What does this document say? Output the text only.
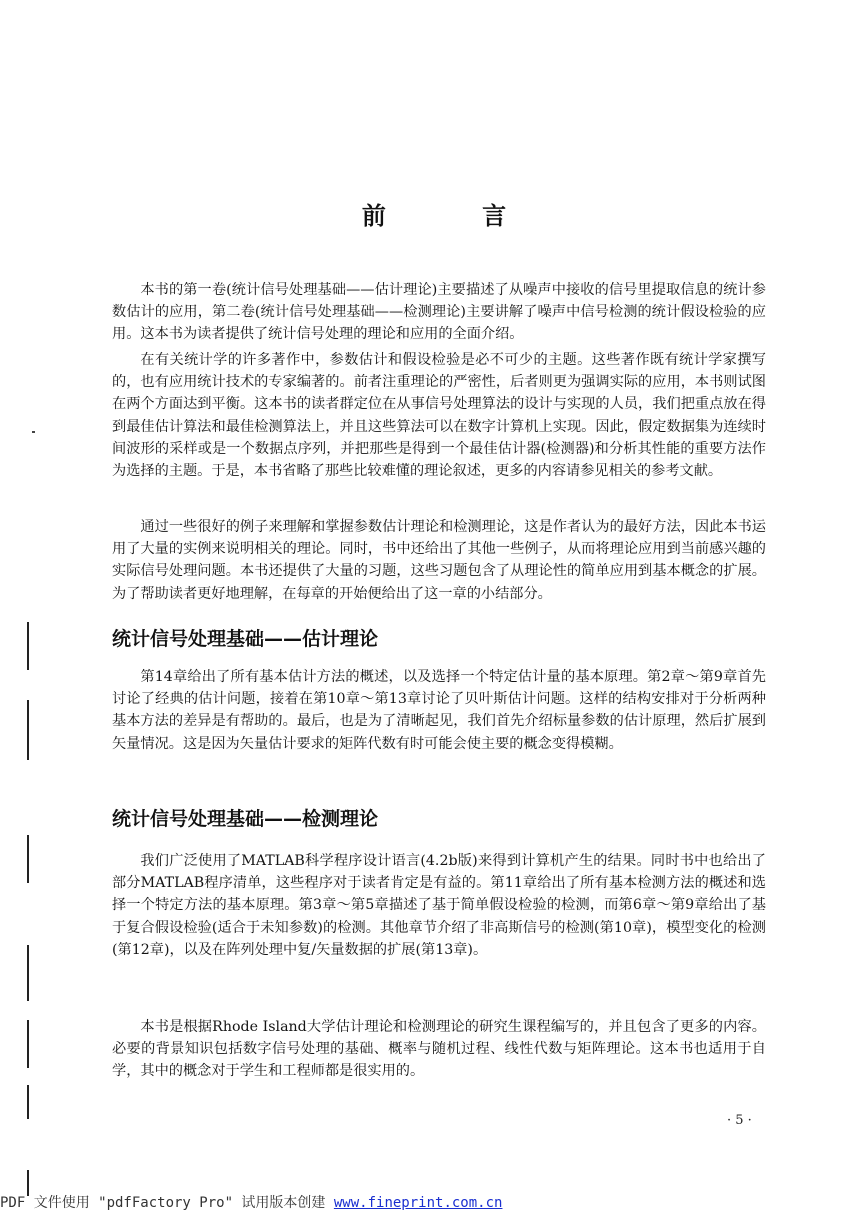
前 言

本书的第一卷(统计信号处理基础——估计理论)主要描述了从噪声中接收的信号里提取信息的统计参数估计的应用，第二卷(统计信号处理基础——检测理论)主要讲解了噪声中信号检测的统计假设检验的应用。这本书为读者提供了统计信号处理的理论和应用的全面介绍。

在有关统计学的许多著作中，参数估计和假设检验是必不可少的主题。这些著作既有统计学家撰写的，也有应用统计技术的专家编著的。前者注重理论的严密性，后者则更为强调实际的应用，本书则试图在两个方面达到平衡。这本书的读者群定位在从事信号处理算法的设计与实现的人员，我们把重点放在得到最佳估计算法和最佳检测算法上，并且这些算法可以在数字计算机上实现。因此，假定数据集为连续时间波形的采样或是一个数据点序列，并把那些是得到一个最佳估计器(检测器)和分析其性能的重要方法作为选择的主题。于是，本书省略了那些比较难懂的理论叙述，更多的内容请参见相关的参考文献。

通过一些很好的例子来理解和掌握参数估计理论和检测理论，这是作者认为的最好方法，因此本书运用了大量的实例来说明相关的理论。同时，书中还给出了其他一些例子，从而将理论应用到当前感兴趣的实际信号处理问题。本书还提供了大量的习题，这些习题包含了从理论性的简单应用到基本概念的扩展。为了帮助读者更好地理解，在每章的开始便给出了这一章的小结部分。

统计信号处理基础——估计理论

第14章给出了所有基本估计方法的概述，以及选择一个特定估计量的基本原理。第2章～第9章首先讨论了经典的估计问题，接着在第10章～第13章讨论了贝叶斯估计问题。这样的结构安排对于分析两种基本方法的差异是有帮助的。最后，也是为了清晰起见，我们首先介绍标量参数的估计原理，然后扩展到矢量情况。这是因为矢量估计要求的矩阵代数有时可能会使主要的概念变得模糊。

统计信号处理基础——检测理论

我们广泛使用了MATLAB科学程序设计语言(4.2b版)来得到计算机产生的结果。同时书中也给出了部分MATLAB程序清单，这些程序对于读者肯定是有益的。第11章给出了所有基本检测方法的概述和选择一个特定方法的基本原理。第3章～第5章描述了基于简单假设检验的检测，而第6章～第9章给出了基于复合假设检验(适合于未知参数)的检测。其他章节介绍了非高斯信号的检测(第10章)，模型变化的检测(第12章)，以及在阵列处理中复/矢量数据的扩展(第13章)。

本书是根据Rhode Island大学估计理论和检测理论的研究生课程编写的，并且包含了更多的内容。必要的背景知识包括数字信号处理的基础、概率与随机过程、线性代数与矩阵理论。这本书也适用于自学，其中的概念对于学生和工程师都是很实用的。

· 5 ·
PDF 文件使用 "pdfFactory Pro" 试用版本创建 www.fineprint.com.cn
